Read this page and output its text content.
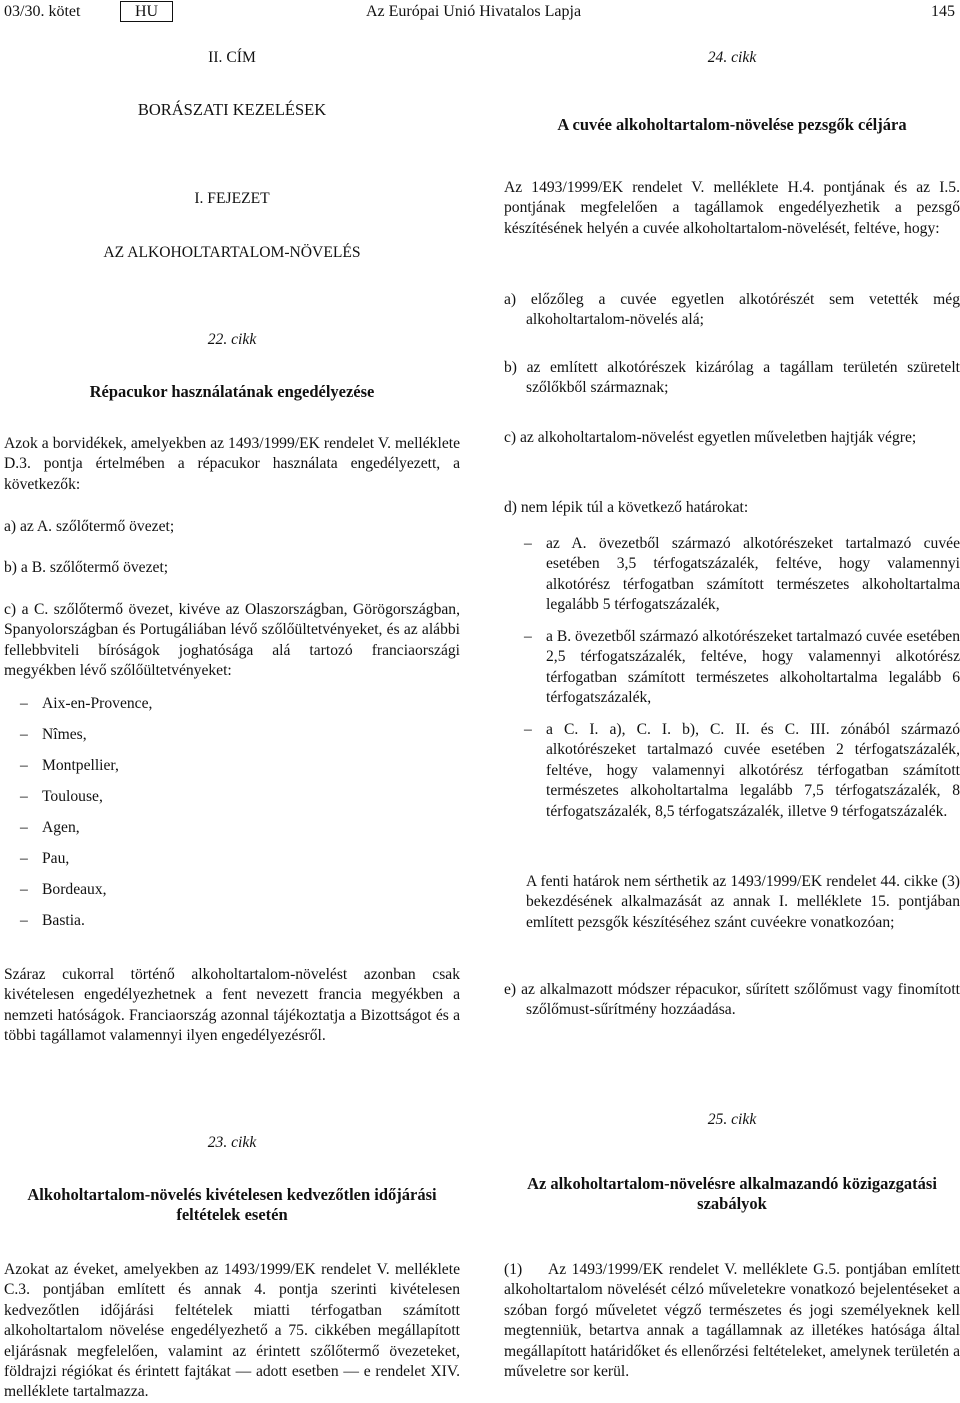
03/30. kötet	HU	Az Európai Unió Hivatalos Lapja	145
II. CÍM
BORÁSZATI KEZELÉSEK
I. FEJEZET
AZ ALKOHOLTARTALOM-NÖVELÉS
22. cikk
Répacukor használatának engedélyezése

Azok a borvidékek, amelyekben az 1493/1999/EK rendelet V. melléklete D.3. pontja értelmében a répacukor használata engedélyezett, a következők:

a) az A. szőlőtermő övezet;
b) a B. szőlőtermő övezet;

c) a C. szőlőtermő övezet, kivéve az Olaszországban, Görögországban, Spanyolországban és Portugáliában lévő szőlőültetvényeket, és az alábbi fellebbviteli bíróságok joghatósága alá tartozó franciaországi megyékben lévő szőlőültetvényeket:

– Aix-en-Provence,
– Nîmes,
– Montpellier,
– Toulouse,
– Agen,
– Pau,
– Bordeaux,
– Bastia.

Száraz cukorral történő alkoholtartalom-növelést azonban csak kivételesen engedélyezhetnek a fent nevezett francia megyékben a nemzeti hatóságok. Franciaország azonnal tájékoztatja a Bizottságot és a többi tagállamot valamennyi ilyen engedélyezésről.

23. cikk
Alkoholtartalom-növelés kivételesen kedvezőtlen időjárási feltételek esetén

Azokat az éveket, amelyekben az 1493/1999/EK rendelet V. melléklete C.3. pontjában említett és annak 4. pontja szerinti kivételesen kedvezőtlen időjárási feltételek miatti térfogatban számított alkoholtartalom növelése engedélyezhető a 75. cikkében megállapított eljárásnak megfelelően, valamint az érintett szőlőtermő övezeteket, földrajzi régiókat és érintett fajtákat — adott esetben — e rendelet XIV. melléklete tartalmazza.

24. cikk
A cuvée alkoholtartalom-növelése pezsgők céljára

Az 1493/1999/EK rendelet V. melléklete H.4. pontjának és az I.5. pontjának megfelelően a tagállamok engedélyezhetik a pezsgő készítésének helyén a cuvée alkoholtartalom-növelését, feltéve, hogy:

a) előzőleg a cuvée egyetlen alkotórészét sem vetették még alkoholtartalom-növelés alá;

b) az említett alkotórészek kizárólag a tagállam területén szüretelt szőlőkből származnak;

c) az alkoholtartalom-növelést egyetlen műveletben hajtják végre;

d) nem lépik túl a következő határokat:

– az A. övezetből származó alkotórészeket tartalmazó cuvée esetében 3,5 térfogatszázalék, feltéve, hogy valamennyi alkotórész térfogatban számított természetes alkoholtartalma legalább 5 térfogatszázalék,

– a B. övezetből származó alkotórészeket tartalmazó cuvée esetében 2,5 térfogatszázalék, feltéve, hogy valamennyi alkotórész térfogatban számított természetes alkoholtartalma legalább 6 térfogatszázalék,

– a C. I. a), C. I. b), C. II. és C. III. zónából származó alkotórészeket tartalmazó cuvée esetében 2 térfogatszázalék, feltéve, hogy valamennyi alkotórész térfogatban számított természetes alkoholtartalma legalább 7,5 térfogatszázalék, 8 térfogatszázalék, 8,5 térfogatszázalék, illetve 9 térfogatszázalék.

A fenti határok nem sérthetik az 1493/1999/EK rendelet 44. cikke (3) bekezdésének alkalmazását az annak I. melléklete 15. pontjában említett pezsgők készítéséhez szánt cuvéekre vonatkozóan;

e) az alkalmazott módszer répacukor, sűrített szőlőmust vagy finomított szőlőmust-sűrítmény hozzáadása.

25. cikk
Az alkoholtartalom-növelésre alkalmazandó közigazgatási szabályok
(1)	Az 1493/1999/EK rendelet V. melléklete G.5. pontjában említett alkoholtartalom növelését célzó műveletekre vonatkozó bejelentéseket a szóban forgó műveletet végző természetes és jogi személyeknek kell megtenniük, betartva annak a tagállamnak az illetékes hatósága által megállapított határidőket és ellenőrzési feltételeket, amelynek területén a műveletre sor kerül.
